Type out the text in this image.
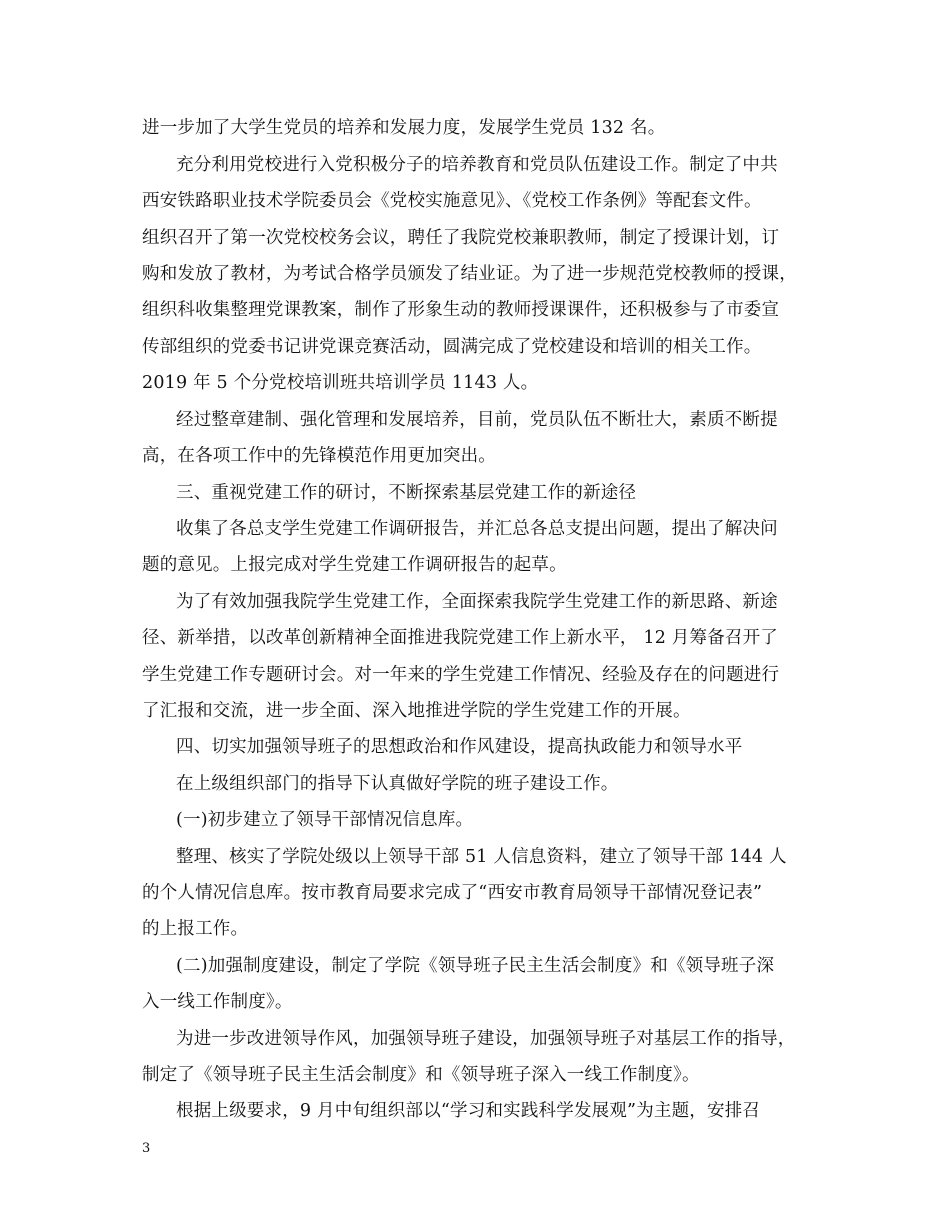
进一步加了大学生党员的培养和发展力度，发展学生党员 132 名。
充分利用党校进行入党积极分子的培养教育和党员队伍建设工作。制定了中共
西安铁路职业技术学院委员会《党校实施意见》、《党校工作条例》等配套文件。
组织召开了第一次党校校务会议，聘任了我院党校兼职教师，制定了授课计划，订
购和发放了教材，为考试合格学员颁发了结业证。为了进一步规范党校教师的授课，
组织科收集整理党课教案，制作了形象生动的教师授课课件，还积极参与了市委宣
传部组织的党委书记讲党课竞赛活动，圆满完成了党校建设和培训的相关工作。
2019 年 5 个分党校培训班共培训学员 1143 人。
经过整章建制、强化管理和发展培养，目前，党员队伍不断壮大，素质不断提
高，在各项工作中的先锋模范作用更加突出。
三、重视党建工作的研讨，不断探索基层党建工作的新途径
收集了各总支学生党建工作调研报告，并汇总各总支提出问题，提出了解决问
题的意见。上报完成对学生党建工作调研报告的起草。
为了有效加强我院学生党建工作，全面探索我院学生党建工作的新思路、新途
径、新举措，以改革创新精神全面推进我院党建工作上新水平， 12 月筹备召开了
学生党建工作专题研讨会。对一年来的学生党建工作情况、经验及存在的问题进行
了汇报和交流，进一步全面、深入地推进学院的学生党建工作的开展。
四、切实加强领导班子的思想政治和作风建设，提高执政能力和领导水平
在上级组织部门的指导下认真做好学院的班子建设工作。
(一)初步建立了领导干部情况信息库。
整理、核实了学院处级以上领导干部 51 人信息资料，建立了领导干部 144 人
的个人情况信息库。按市教育局要求完成了“西安市教育局领导干部情况登记表”
的上报工作。
(二)加强制度建设，制定了学院《领导班子民主生活会制度》和《领导班子深
入一线工作制度》。
为进一步改进领导作风，加强领导班子建设，加强领导班子对基层工作的指导，
制定了《领导班子民主生活会制度》和《领导班子深入一线工作制度》。
根据上级要求，9 月中旬组织部以“学习和实践科学发展观”为主题，安排召
3
